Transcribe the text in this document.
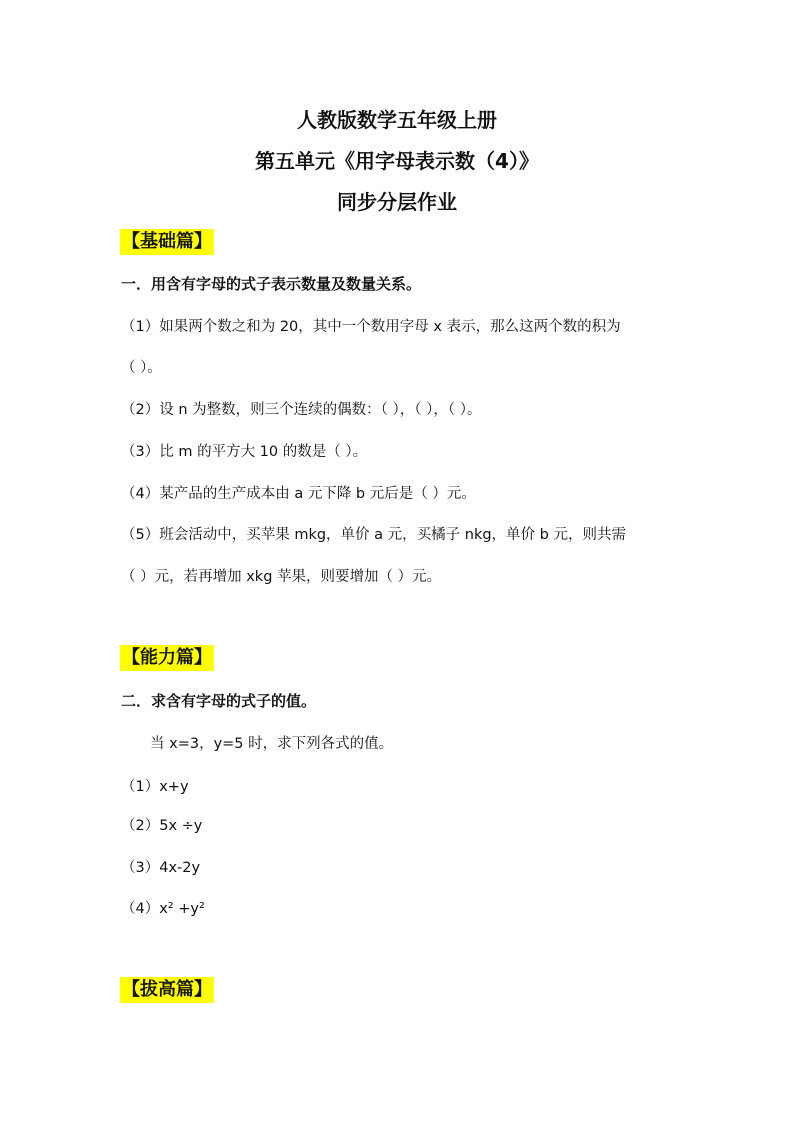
人教版数学五年级上册
第五单元《用字母表示数（4）》
同步分层作业
【基础篇】
一．用含有字母的式子表示数量及数量关系。
（1）如果两个数之和为 20，其中一个数用字母 x 表示，那么这两个数的积为
（ ）。
（2）设 n 为整数，则三个连续的偶数：（ ），（ ），（ ）。
（3）比 m 的平方大 10 的数是（ ）。
（4）某产品的生产成本由 a 元下降 b 元后是（ ）元。
（5）班会活动中，买苹果 mkg，单价 a 元，买橘子 nkg，单价 b 元，则共需
（ ）元，若再增加 xkg 苹果，则要增加（ ）元。
【能力篇】
二．求含有字母的式子的值。
当 x=3，y=5 时，求下列各式的值。
（1）x+y
（2）5x ÷y
（3）4x-2y
（4）x² +y²
【拔高篇】
